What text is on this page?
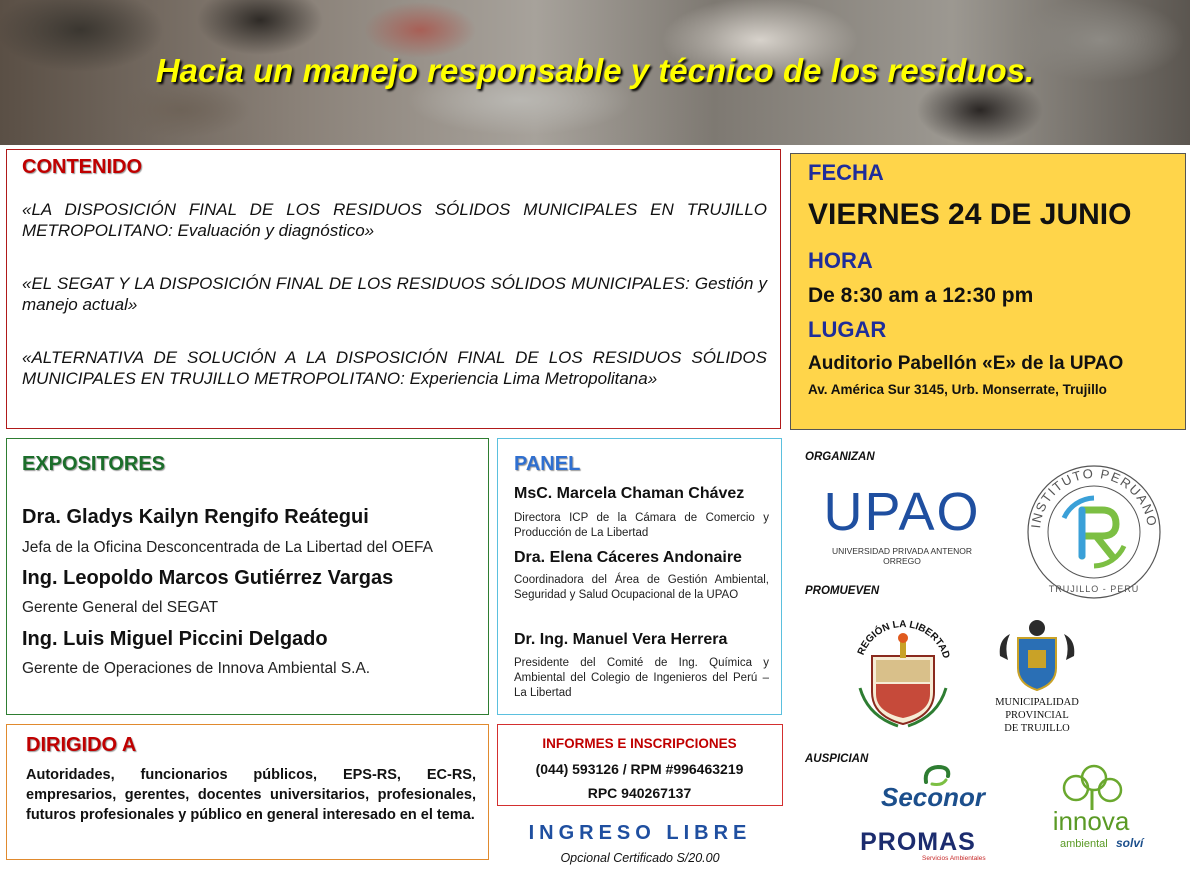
Hacia un manejo responsable y técnico de los residuos.
CONTENIDO
«LA DISPOSICIÓN FINAL DE LOS RESIDUOS SÓLIDOS MUNICIPALES EN TRUJILLO METROPOLITANO: Evaluación y diagnóstico»
«EL SEGAT Y LA DISPOSICIÓN FINAL DE LOS RESIDUOS SÓLIDOS MUNICIPALES: Gestión y manejo actual»
«ALTERNATIVA DE SOLUCIÓN A LA DISPOSICIÓN FINAL DE LOS RESIDUOS SÓLIDOS MUNICIPALES EN TRUJILLO METROPOLITANO: Experiencia Lima Metropolitana»
FECHA
VIERNES 24 DE JUNIO
HORA
De 8:30 am a 12:30 pm
LUGAR
Auditorio Pabellón «E» de la UPAO
Av. América Sur 3145, Urb. Monserrate, Trujillo
EXPOSITORES
Dra. Gladys Kailyn Rengifo Reátegui
Jefa de la Oficina Desconcentrada de La Libertad del OEFA
Ing. Leopoldo Marcos Gutiérrez Vargas
Gerente General del SEGAT
Ing. Luis Miguel Piccini Delgado
Gerente de Operaciones de Innova Ambiental S.A.
PANEL
MsC. Marcela Chaman Chávez
Directora ICP de la Cámara de Comercio y Producción de La Libertad
Dra. Elena Cáceres Andonaire
Coordinadora del Área de Gestión Ambiental, Seguridad y Salud Ocupacional de la UPAO
Dr. Ing. Manuel Vera Herrera
Presidente del Comité de Ing. Química y Ambiental del Colegio de Ingenieros del Perú – La Libertad
DIRIGIDO A
Autoridades, funcionarios públicos, EPS-RS, EC-RS, empresarios, gerentes, docentes universitarios, profesionales, futuros profesionales y público en general interesado en el tema.
INFORMES E INSCRIPCIONES
(044) 593126 / RPM #996463219
RPC 940267137
INGRESO LIBRE
Opcional Certificado S/20.00
ORGANIZAN
UPAO
UNIVERSIDAD PRIVADA ANTENOR ORREGO
INSTITUTO PERUANO
TRUJILLO - PERÚ
PROMUEVEN
REGIÓN LA LIBERTAD
MUNICIPALIDAD
PROVINCIAL
DE TRUJILLO
AUSPICIAN
Seconor
PROMAS
Servicios Ambientales
innova
ambiental solví
